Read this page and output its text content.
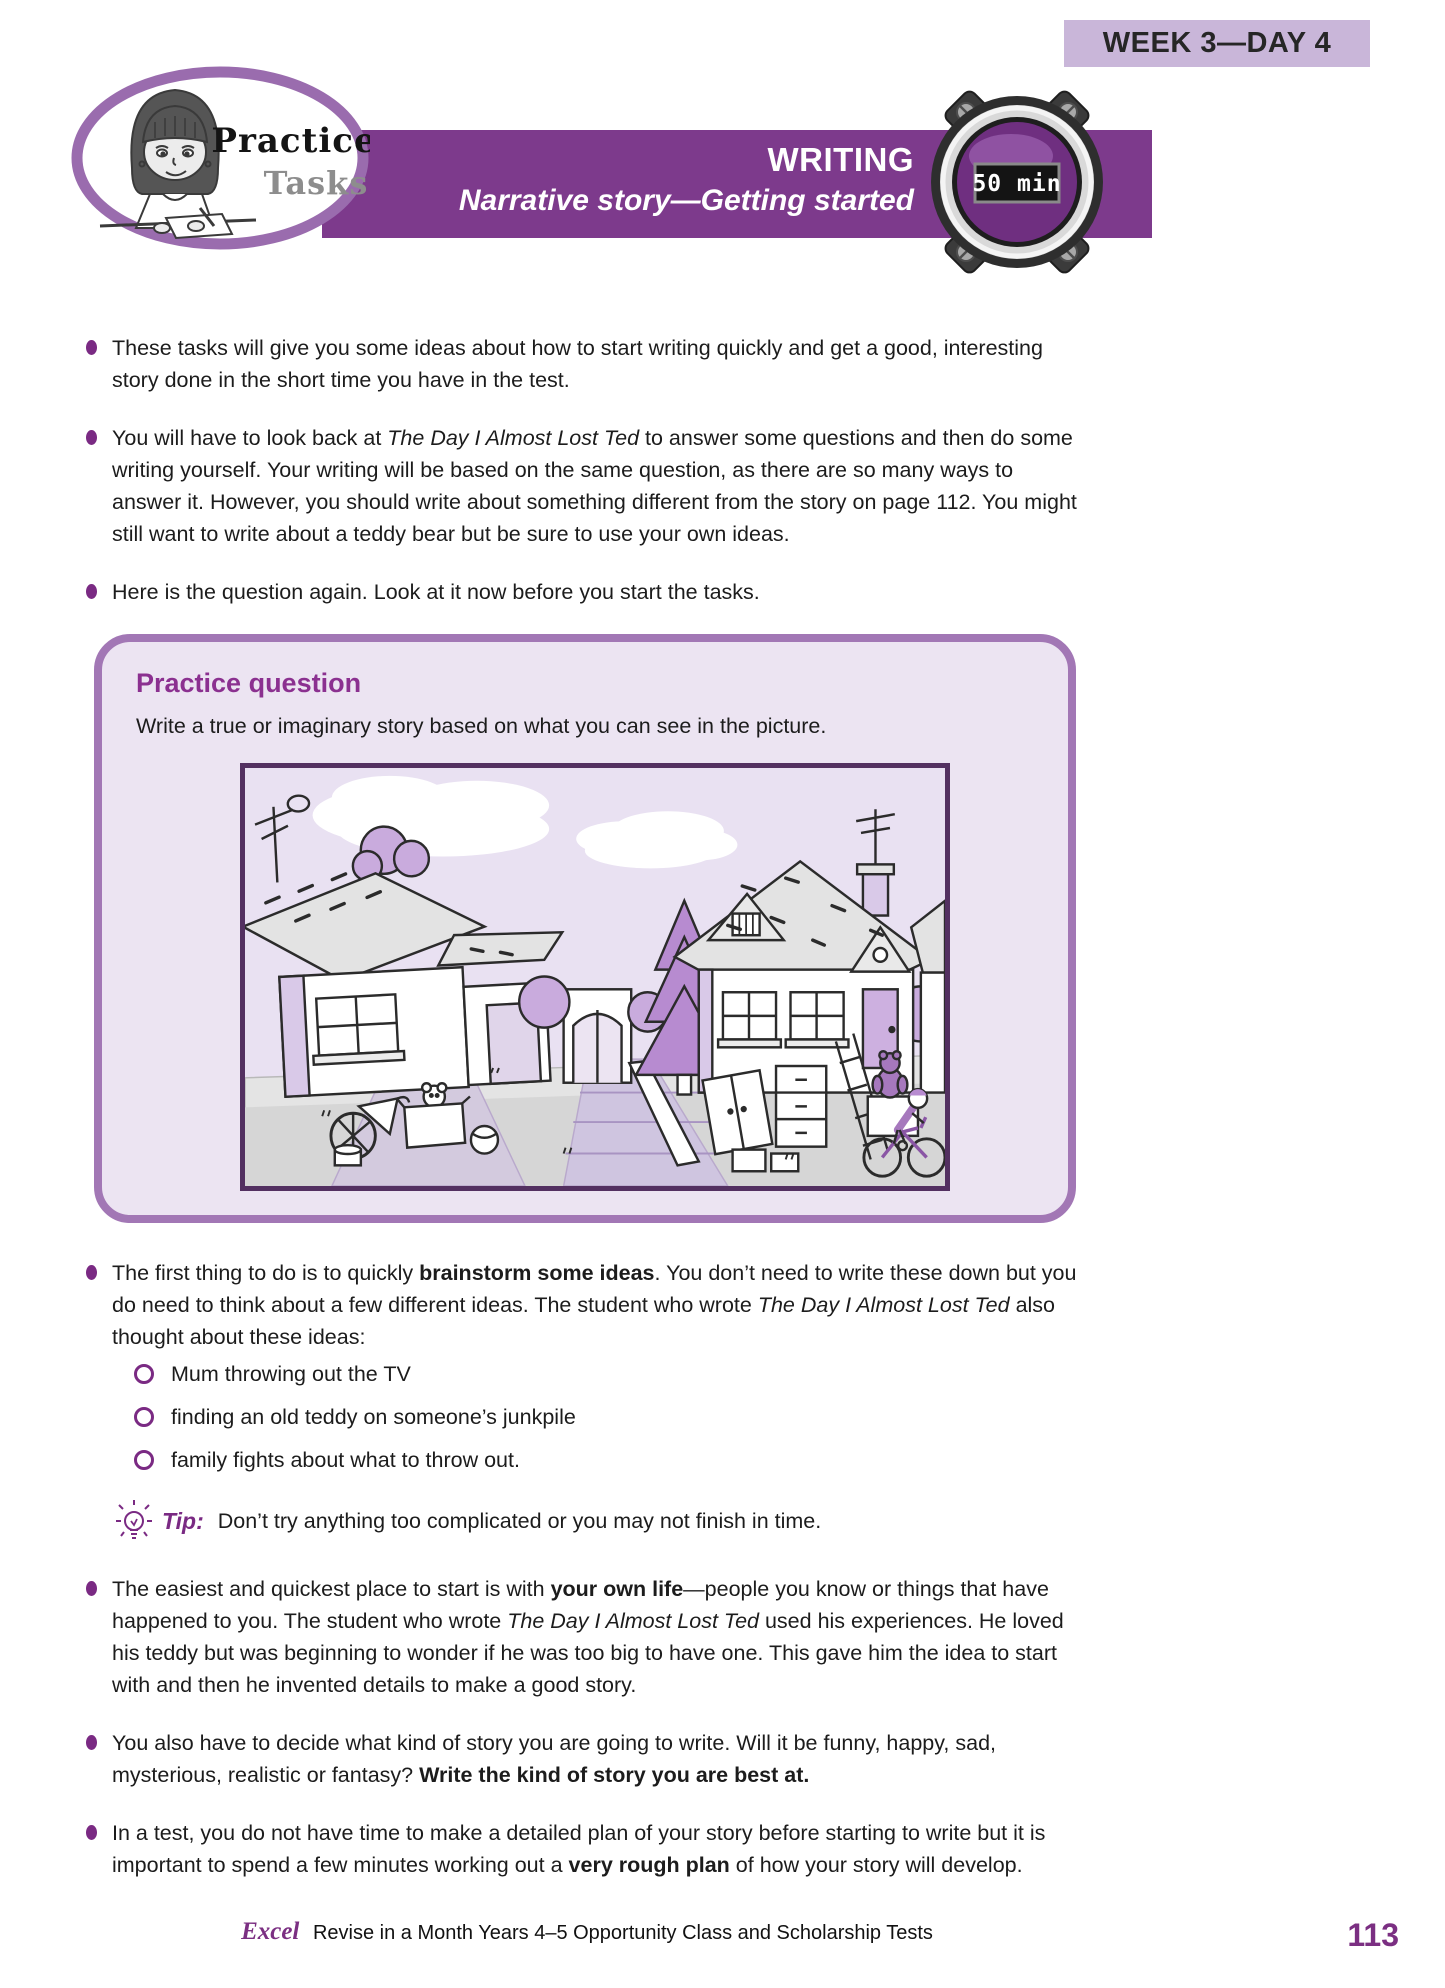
WEEK 3—DAY 4
WRITING
Narrative story—Getting started
Practice
Tasks	50 min
These tasks will give you some ideas about how to start writing quickly and get a good, interesting story done in the short time you have in the test.
You will have to look back at The Day I Almost Lost Ted to answer some questions and then do some writing yourself. Your writing will be based on the same question, as there are so many ways to answer it. However, you should write about something different from the story on page 112. You might still want to write about a teddy bear but be sure to use your own ideas.
Here is the question again. Look at it now before you start the tasks.
Practice question
Write a true or imaginary story based on what you can see in the picture.
The first thing to do is to quickly brainstorm some ideas. You don’t need to write these down but you do need to think about a few different ideas. The student who wrote The Day I Almost Lost Ted also thought about these ideas:
Mum throwing out the TV
finding an old teddy on someone’s junkpile
family fights about what to throw out.
Tip: Don’t try anything too complicated or you may not finish in time.
The easiest and quickest place to start is with your own life—people you know or things that have happened to you. The student who wrote The Day I Almost Lost Ted used his experiences. He loved his teddy but was beginning to wonder if he was too big to have one. This gave him the idea to start with and then he invented details to make a good story.
You also have to decide what kind of story you are going to write. Will it be funny, happy, sad, mysterious, realistic or fantasy? Write the kind of story you are best at.
In a test, you do not have time to make a detailed plan of your story before starting to write but it is important to spend a few minutes working out a very rough plan of how your story will develop.
Excel Revise in a Month Years 4–5 Opportunity Class and Scholarship Tests	113
